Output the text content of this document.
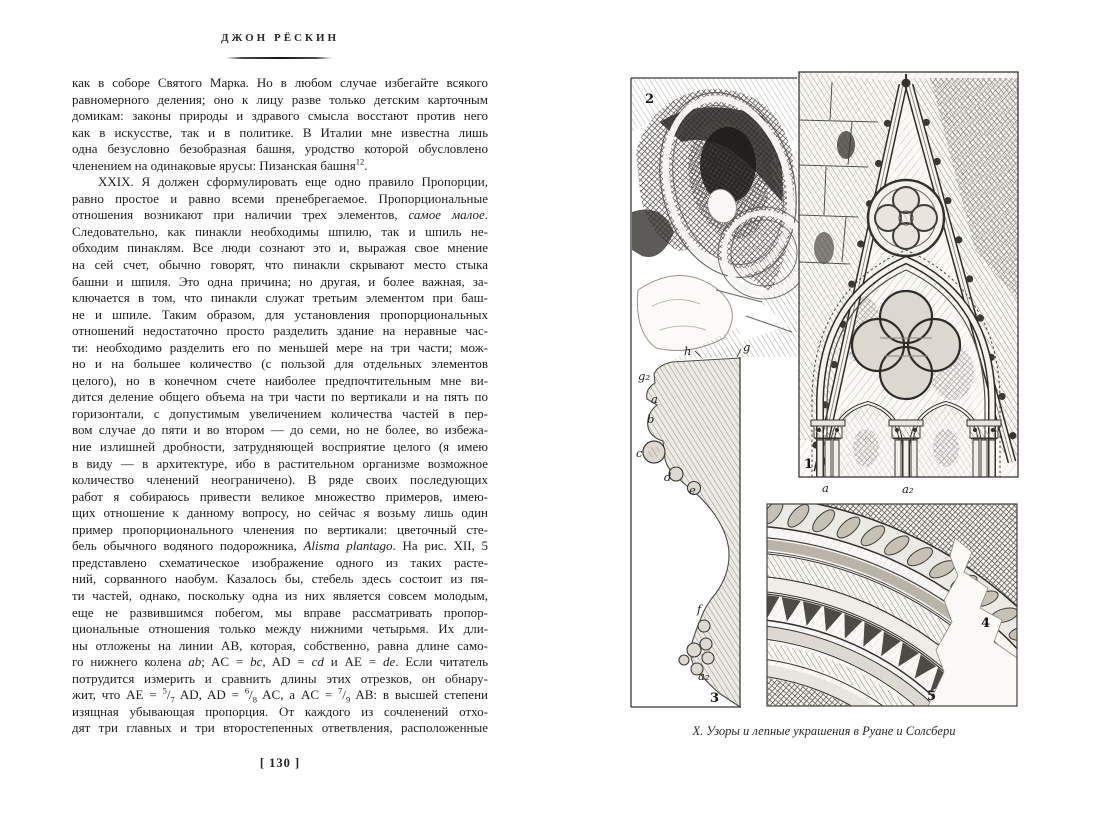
ДЖОН РЁСКИН
как в соборе Святого Марка. Но в любом случае избегайте всякого
равномерного деления; оно к лицу разве только детским карточным
домикам: законы природы и здравого смысла восстают против него
как в искусстве, так и в политике. В Италии мне известна лишь
одна безусловно безобразная башня, уродство которой обусловлено
членением на одинаковые ярусы: Пизанская башня$^{12}$.
XXIX. Я должен сформулировать еще одно правило Пропорции,
равно простое и равно всеми пренебрегаемое. Пропорциональные
отношения возникают при наличии трех элементов, самое малое.
Следовательно, как пинакли необходимы шпилю, так и шпиль не-
обходим пинаклям. Все люди сознают это и, выражая свое мнение
на сей счет, обычно говорят, что пинакли скрывают место стыка
башни и шпиля. Это одна причина; но другая, и более важная, за-
ключается в том, что пинакли служат третьим элементом при баш-
не и шпиле. Таким образом, для установления пропорциональных
отношений недостаточно просто разделить здание на неравные час-
ти: необходимо разделить его по меньшей мере на три части; мож-
но и на большее количество (с пользой для отдельных элементов
целого), но в конечном счете наиболее предпочтительным мне ви-
дится деление общего объема на три части по вертикали и на пять по
горизонтали, с допустимым увеличением количества частей в пер-
вом случае до пяти и во втором — до семи, но не более, во избежа-
ние излишней дробности, затрудняющей восприятие целого (я имею
в виду — в архитектуре, ибо в растительном организме возможное
количество членений неограничено). В ряде своих последующих
работ я собираюсь привести великое множество примеров, имею-
щих отношение к данному вопросу, но сейчас я возьму лишь один
пример пропорционального членения по вертикали: цветочный сте-
бель обычного водяного подорожника, Alisma plantago. На рис. XII, 5
представлено схематическое изображение одного из таких расте-
ний, сорванного наобум. Казалось бы, стебель здесь состоит из пя-
ти частей, однако, поскольку одна из них является совсем молодым,
еще не развившимся побегом, мы вправе рассматривать пропор-
циональные отношения только между нижними четырьмя. Их дли-
ны отложены на линии AB, которая, собственно, равна длине само-
го нижнего колена ab; AC = bc, AD = cd и AE = de. Если читатель
потрудится измерить и сравнить длины этих отрезков, он обнару-
жит, что AE = $^5/_7$ AD, AD = $^6/_8$ AC, а AC = $^7/_9$ AB: в высшей степени
изящная убывающая пропорция. От каждого из сочленений отхо-
дят три главных и три второстепенных ответвления, расположенные
[ 130 ]
2
1
3
4
5
h	g
g₂
a
b
c
d
e
f
a₂
a	a₂
X. Узоры и лепные украшения в Руане и Солсбери
